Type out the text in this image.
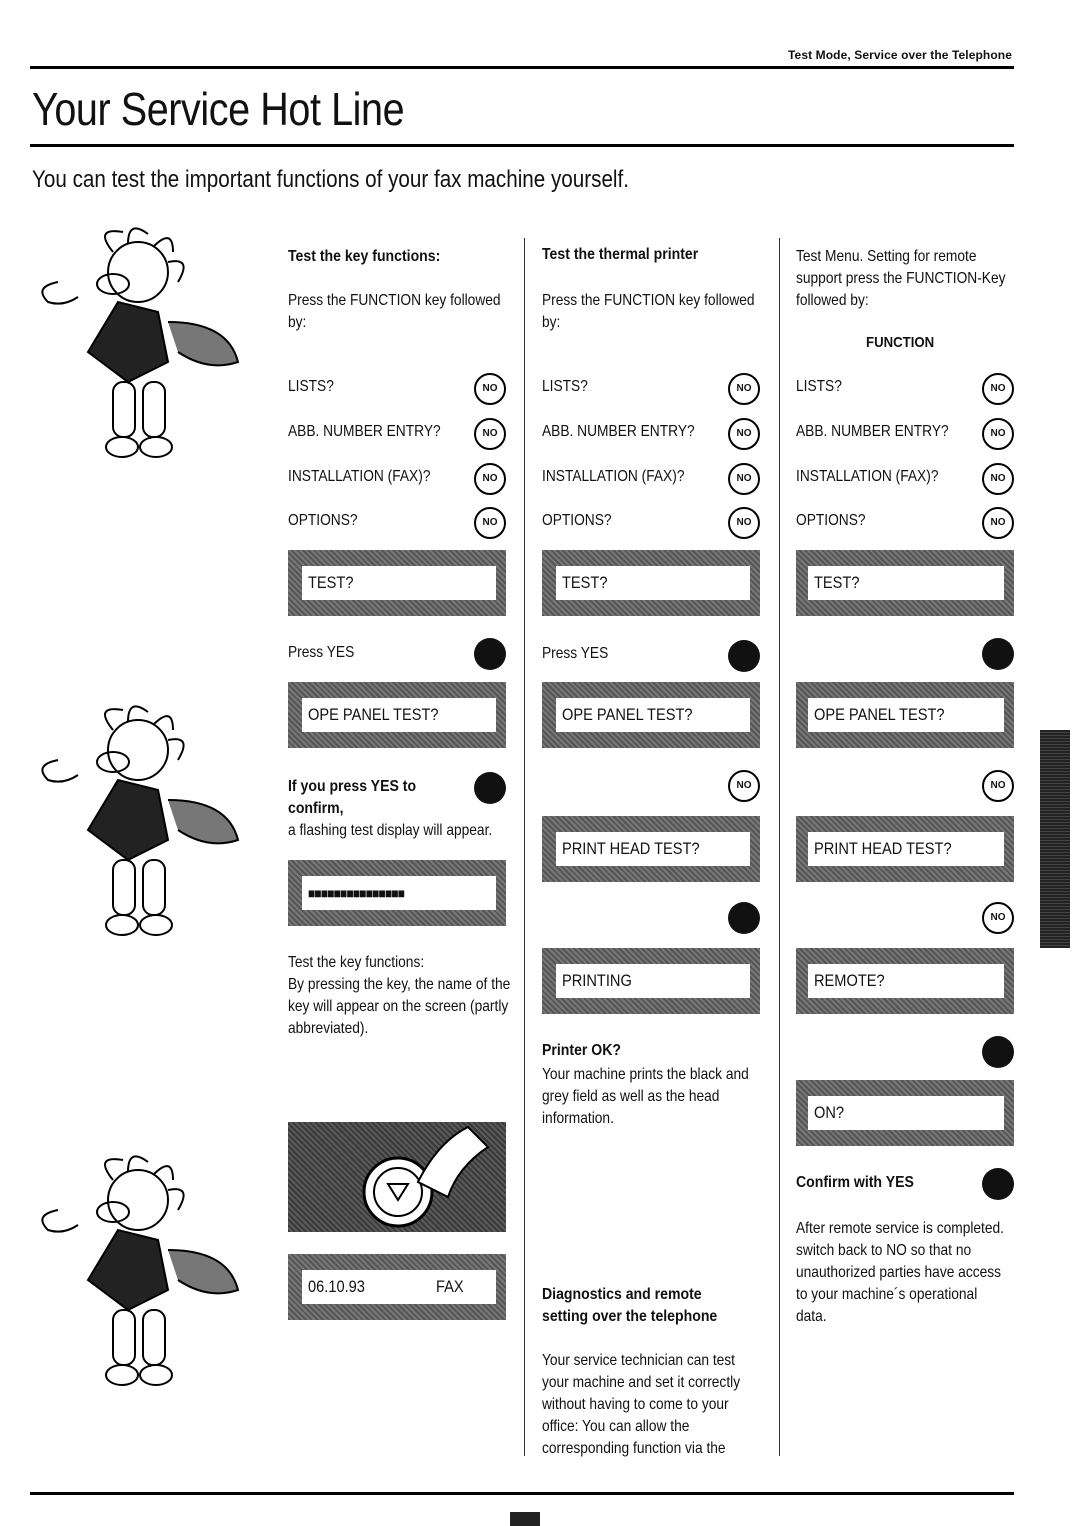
Test Mode, Service over the Telephone
Your Service Hot Line
You can test the important functions of your fax machine yourself.
Test the key functions:
Press the FUNCTION key followed by:
LISTS?	NO
ABB. NUMBER ENTRY?	NO
INSTALLATION (FAX)?	NO
OPTIONS?	NO
TEST?
Press YES
OPE PANEL TEST?
If you press YES to confirm,
a flashing test display will appear.
■■■■■■■■■■■■■■■
Test the key functions:
By pressing the key, the name of the key will appear on the screen (partly abbreviated).
06.10.93	FAX
Test the thermal printer
Press the FUNCTION key followed by:
LISTS?	NO
ABB. NUMBER ENTRY?	NO
INSTALLATION (FAX)?	NO
OPTIONS?	NO
TEST?
Press YES
OPE PANEL TEST?
NO
PRINT HEAD TEST?
PRINTING
Printer OK?
Your machine prints the black and grey field as well as the head information.
Diagnostics and remote setting over the telephone
Your service technician can test your machine and set it correctly without having to come to your office: You can allow the corresponding function via the
Test Menu. Setting for remote support press the FUNCTION-Key followed by:
FUNCTION
LISTS?	NO
ABB. NUMBER ENTRY?	NO
INSTALLATION (FAX)?	NO
OPTIONS?	NO
TEST?
OPE PANEL TEST?
NO
PRINT HEAD TEST?
NO
REMOTE?
ON?
Confirm with YES
After remote service is completed. switch back to NO so that no unauthorized parties have access to your machine´s operational data.
